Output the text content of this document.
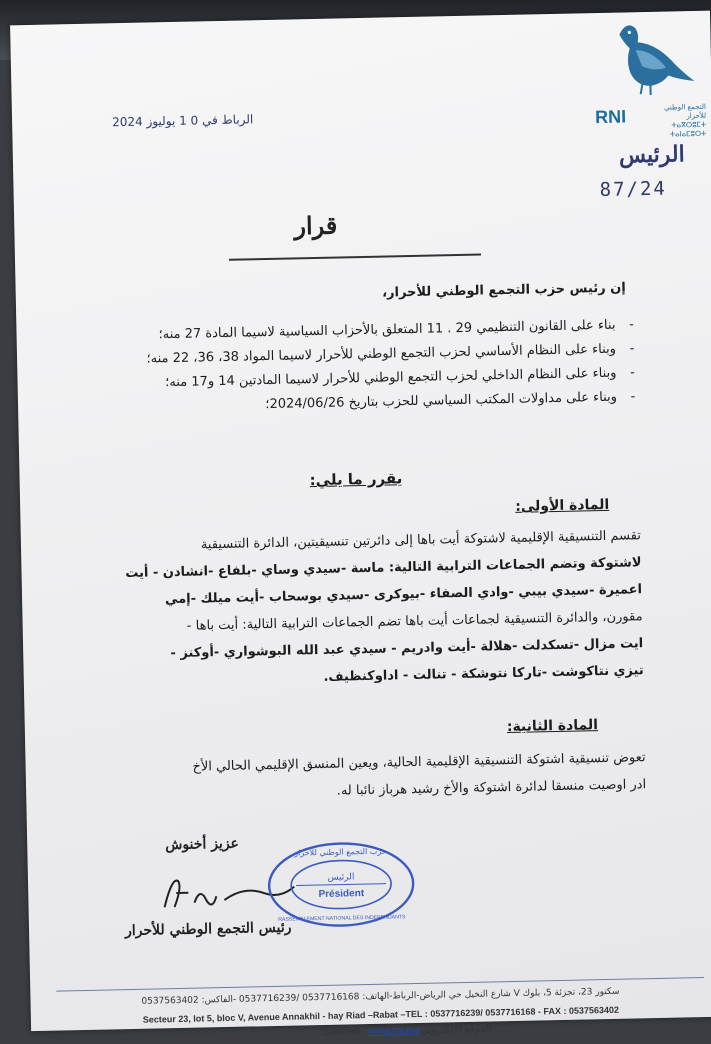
RNI	التجمع الوطني للأحرار
ⵜⴰⴳⵔⵓⵎⵜ ⵜⴰⵏⴰⵎⵓⵔⵜ
الرئيس
87/24
الرباط في 0 1 يوليوز 2024
قرار
إن رئيس حزب التجمع الوطني للأحرار،
-
بناء على القانون التنظيمي 29 . 11 المتعلق بالأحزاب السياسية لاسيما المادة 27 منه؛
-
وبناء على النظام الأساسي لحزب التجمع الوطني للأحرار لاسيما المواد 38، 36، 22 منه؛
-
وبناء على النظام الداخلي لحزب التجمع الوطني للأحرار لاسيما المادتين 14 و17 منه؛
-
وبناء على مداولات المكتب السياسي للحزب بتاريخ 2024/06/26؛
يقرر ما يلي:
المادة الأولى:
تقسم التنسيقية الإقليمية لاشتوكة أيت باها إلى دائرتين تنسيقيتين، الدائرة التنسيقية
لاشتوكة وتضم الجماعات الترابية التالية: ماسة -سيدي وساي -بلفاع -انشادن - أيت
اعميرة -سيدي بيبي -وادي الصفاء -بيوكرى -سيدي بوسحاب -أيت ميلك -إمي
مقورن، والدائرة التنسيقية لجماعات أيت باها تضم الجماعات الترابية التالية: أيت باها -
ايت مزال -تسكدلت -هلالة -أيت وادريم - سيدي عبد الله البوشواري -أوكنز -
تيزي نتاكوشت -تاركا نتوشكة - تنالت - اداوكنظيف.
المادة الثانية:
تعوض تنسيقية اشتوكة التنسيقية الإقليمية الحالية، ويعين المنسق الإقليمي الحالي الأخ
ادر اوصيت منسقا لدائرة اشتوكة والأخ رشيد هرباز نائبا له.
عزيز أخنوش
رئيس التجمع الوطني للأحرار
حزب التجمع الوطني للأحرار
الرئيس
Président
RASSEMBLEMENT NATIONAL DES INDEPENDANTS
سكتور 23، تجزئة 5، بلوك V شارع النخيل حي الرياض-الرباط-الهاتف: 0537716168 /0537716239 -الفاكس: 0537563402
Secteur 23, lot 5, bloc V, Avenue Annakhil - hay Riad –Rabat –TEL : 0537716239/ 0537716168 - FAX : 0537563402
SiteWeb : www.rni.ma : الموقع الإلكتروني
